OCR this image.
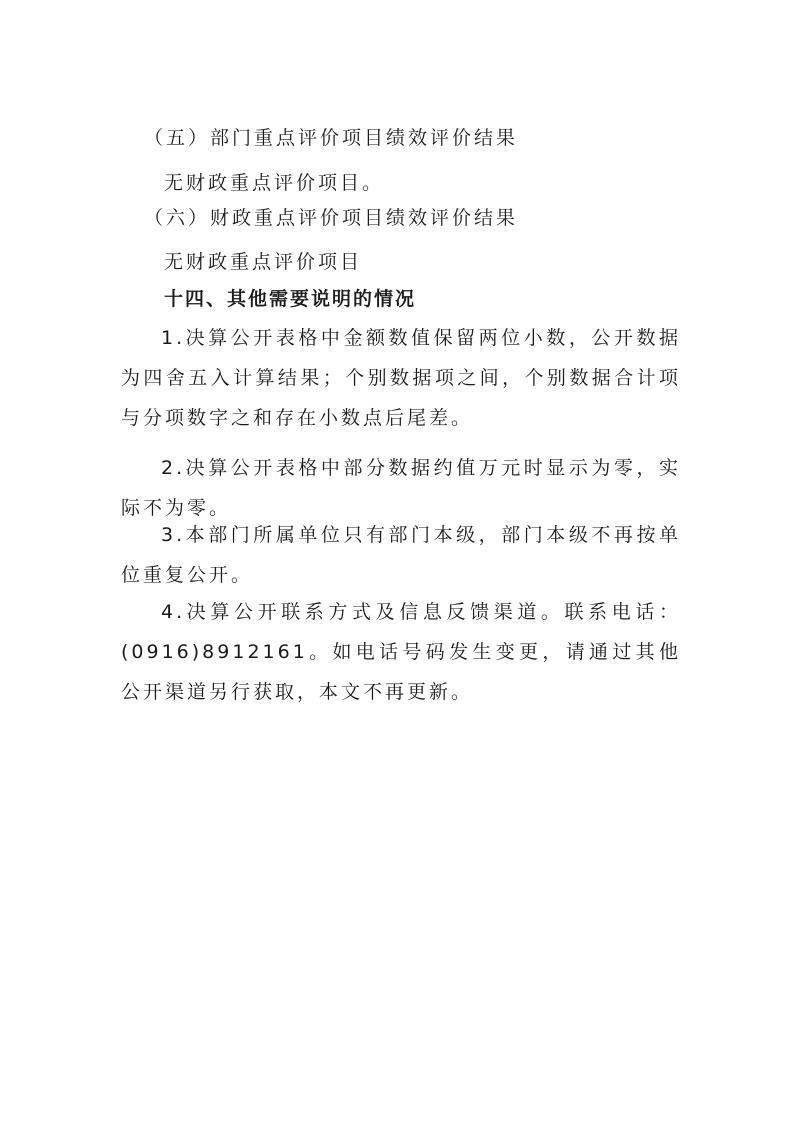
（五）部门重点评价项目绩效评价结果
无财政重点评价项目。
（六）财政重点评价项目绩效评价结果
无财政重点评价项目
十四、其他需要说明的情况
1.决算公开表格中金额数值保留两位小数，公开数据为四舍五入计算结果；个别数据项之间，个别数据合计项与分项数字之和存在小数点后尾差。
2.决算公开表格中部分数据约值万元时显示为零，实际不为零。
3.本部门所属单位只有部门本级，部门本级不再按单位重复公开。
4.决算公开联系方式及信息反馈渠道。联系电话：(0916)8912161。如电话号码发生变更，请通过其他公开渠道另行获取，本文不再更新。
